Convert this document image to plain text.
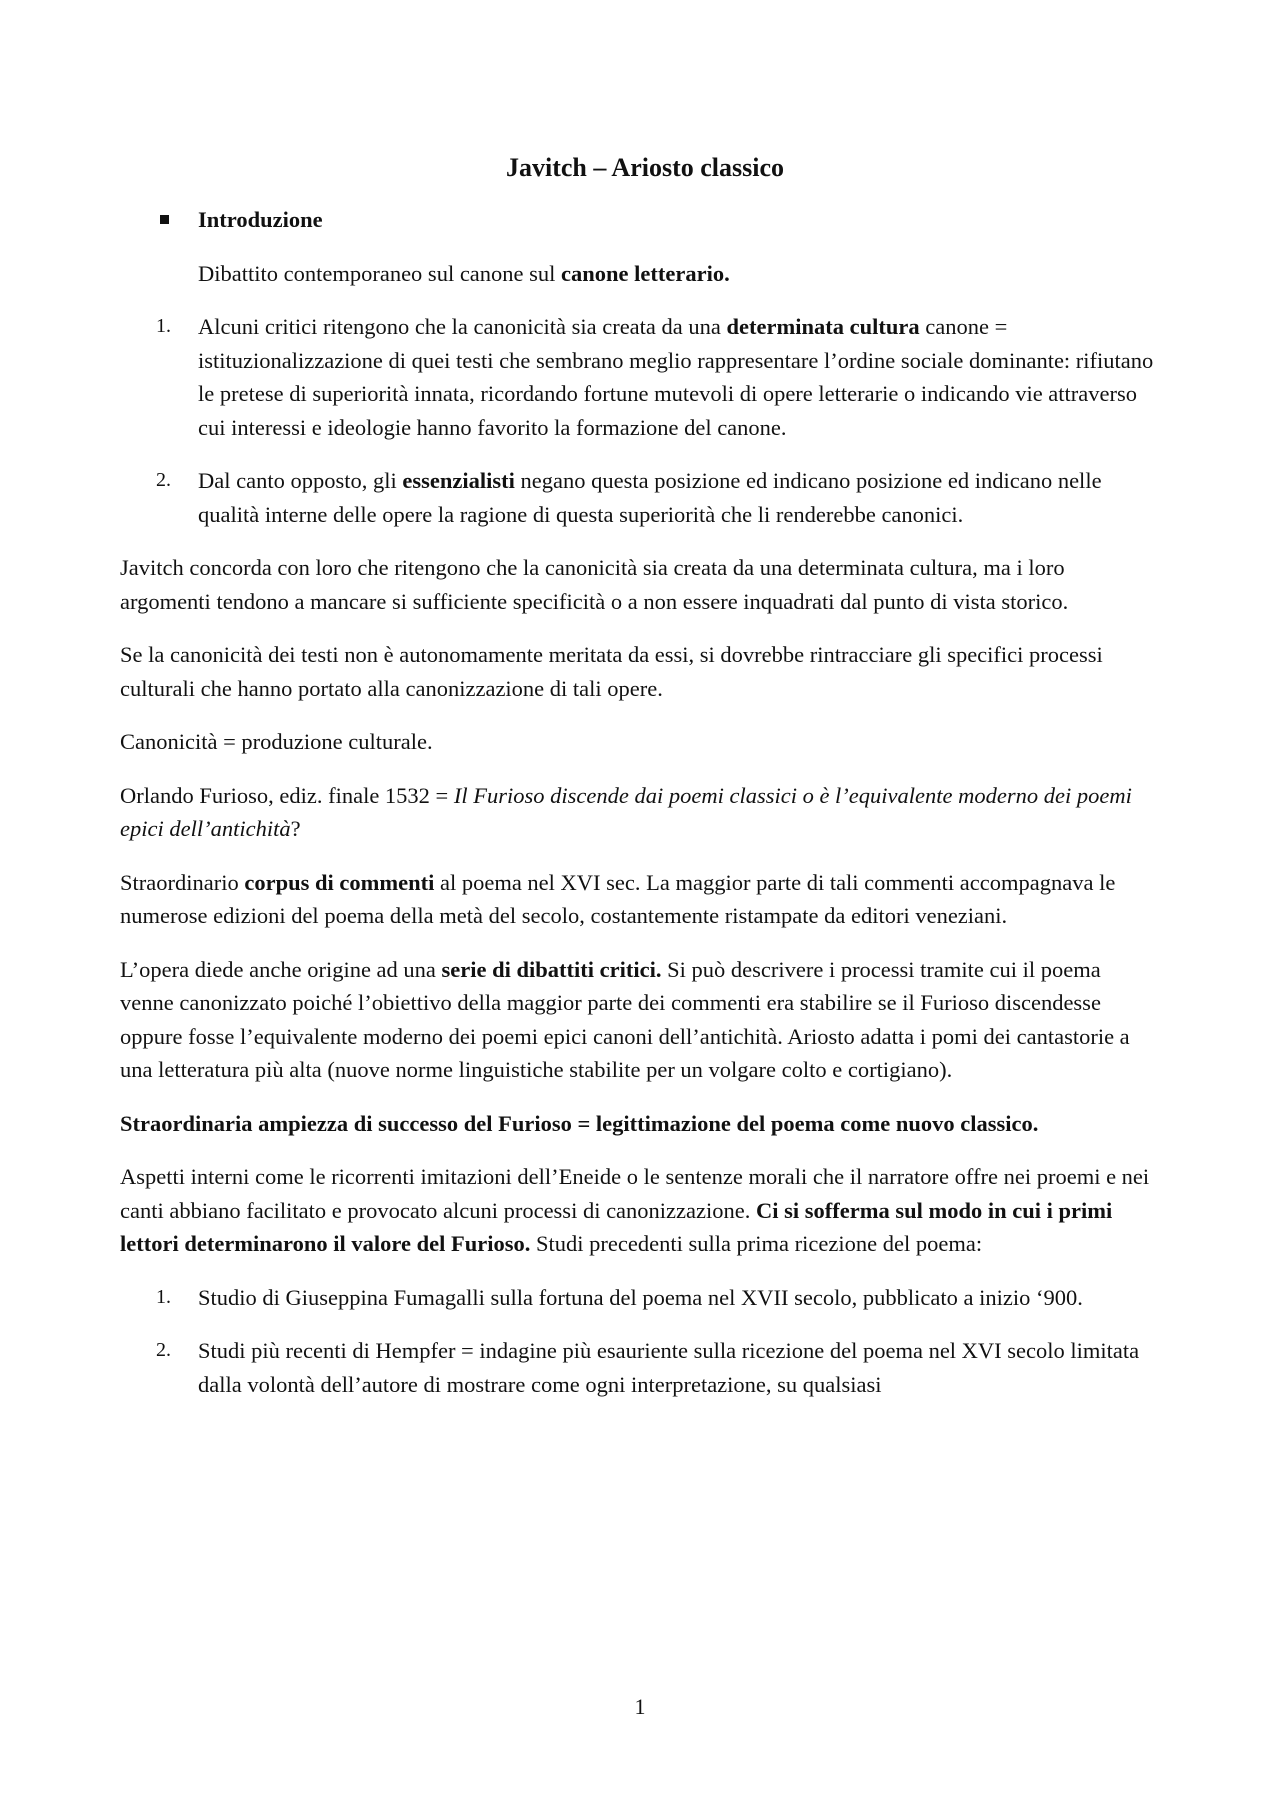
Javitch – Ariosto classico
Introduzione

Dibattito contemporaneo sul canone sul canone letterario.

1. Alcuni critici ritengono che la canonicità sia creata da una determinata cultura canone = istituzionalizzazione di quei testi che sembrano meglio rappresentare l’ordine sociale dominante: rifiutano le pretese di superiorità innata, ricordando fortune mutevoli di opere letterarie o indicando vie attraverso cui interessi e ideologie hanno favorito la formazione del canone.
2. Dal canto opposto, gli essenzialisti negano questa posizione ed indicano posizione ed indicano nelle qualità interne delle opere la ragione di questa superiorità che li renderebbe canonici.

Javitch concorda con loro che ritengono che la canonicità sia creata da una determinata cultura, ma i loro argomenti tendono a mancare si sufficiente specificità o a non essere inquadrati dal punto di vista storico.

Se la canonicità dei testi non è autonomamente meritata da essi, si dovrebbe rintracciare gli specifici processi culturali che hanno portato alla canonizzazione di tali opere.

Canonicità = produzione culturale.

Orlando Furioso, ediz. finale 1532 = Il Furioso discende dai poemi classici o è l’equivalente moderno dei poemi epici dell’antichità?

Straordinario corpus di commenti al poema nel XVI sec. La maggior parte di tali commenti accompagnava le numerose edizioni del poema della metà del secolo, costantemente ristampate da editori veneziani.

L’opera diede anche origine ad una serie di dibattiti critici. Si può descrivere i processi tramite cui il poema venne canonizzato poiché l’obiettivo della maggior parte dei commenti era stabilire se il Furioso discendesse oppure fosse l’equivalente moderno dei poemi epici canoni dell’antichità. Ariosto adatta i pomi dei cantastorie a una letteratura più alta (nuove norme linguistiche stabilite per un volgare colto e cortigiano).

Straordinaria ampiezza di successo del Furioso = legittimazione del poema come nuovo classico.

Aspetti interni come le ricorrenti imitazioni dell’Eneide o le sentenze morali che il narratore offre nei proemi e nei canti abbiano facilitato e provocato alcuni processi di canonizzazione. Ci si sofferma sul modo in cui i primi lettori determinarono il valore del Furioso. Studi precedenti sulla prima ricezione del poema:

1. Studio di Giuseppina Fumagalli sulla fortuna del poema nel XVII secolo, pubblicato a inizio ‘900.
2. Studi più recenti di Hempfer = indagine più esauriente sulla ricezione del poema nel XVI secolo limitata dalla volontà dell’autore di mostrare come ogni interpretazione, su qualsiasi
1
